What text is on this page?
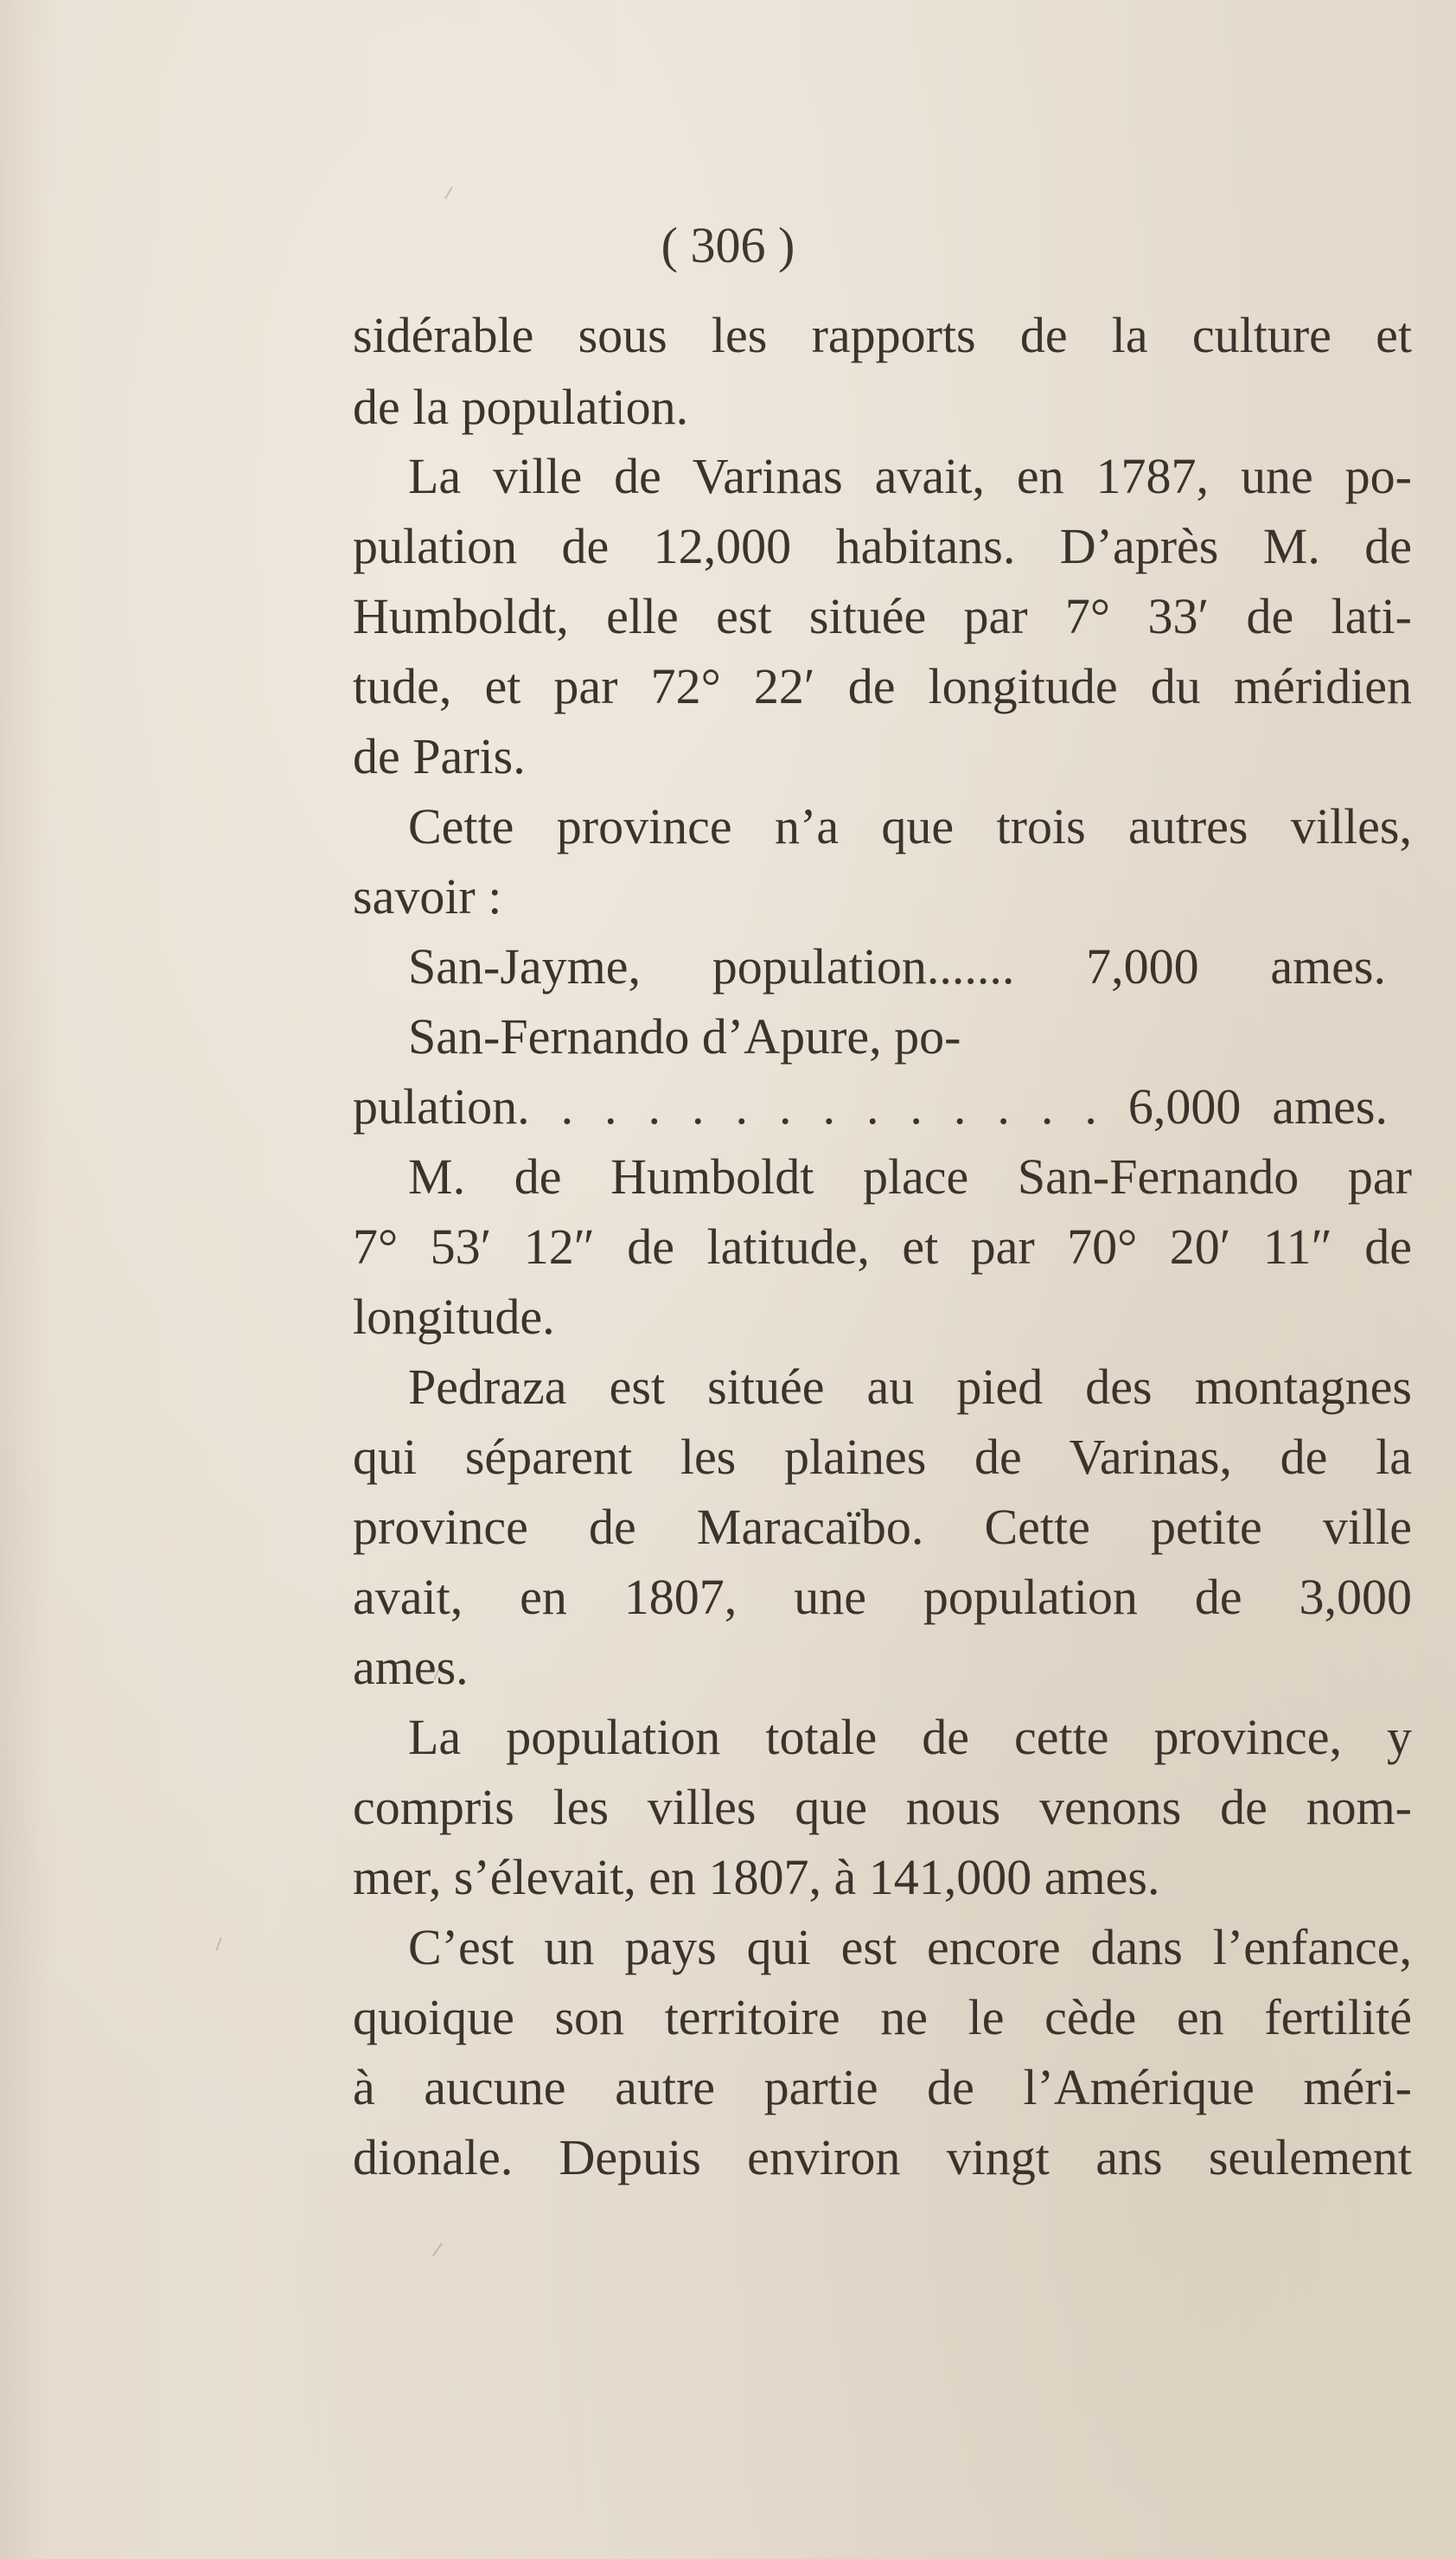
( 306 )
sidérable sous les rapports de la culture et
de la population.
La ville de Varinas avait, en 1787, une po-
pulation de 12,000 habitans. D’après M. de
Humboldt, elle est située par 7° 33′ de lati-
tude, et par 72° 22′ de longitude du méridien
de Paris.
Cette province n’a que trois autres villes,
savoir :
San-Jayme, population....... 7,000 ames.
San-Fernando d’Apure, po-
pulation. . . . . . . . . . . . . . 6,000 ames.
M. de Humboldt place San-Fernando par
7° 53′ 12″ de latitude, et par 70° 20′ 11″ de
longitude.
Pedraza est située au pied des montagnes
qui séparent les plaines de Varinas, de la
province de Maracaïbo. Cette petite ville
avait, en 1807, une population de 3,000
ames.
La population totale de cette province, y
compris les villes que nous venons de nom-
mer, s’élevait, en 1807, à 141,000 ames.
C’est un pays qui est encore dans l’enfance,
quoique son territoire ne le cède en fertilité
à aucune autre partie de l’Amérique méri-
dionale. Depuis environ vingt ans seulement
